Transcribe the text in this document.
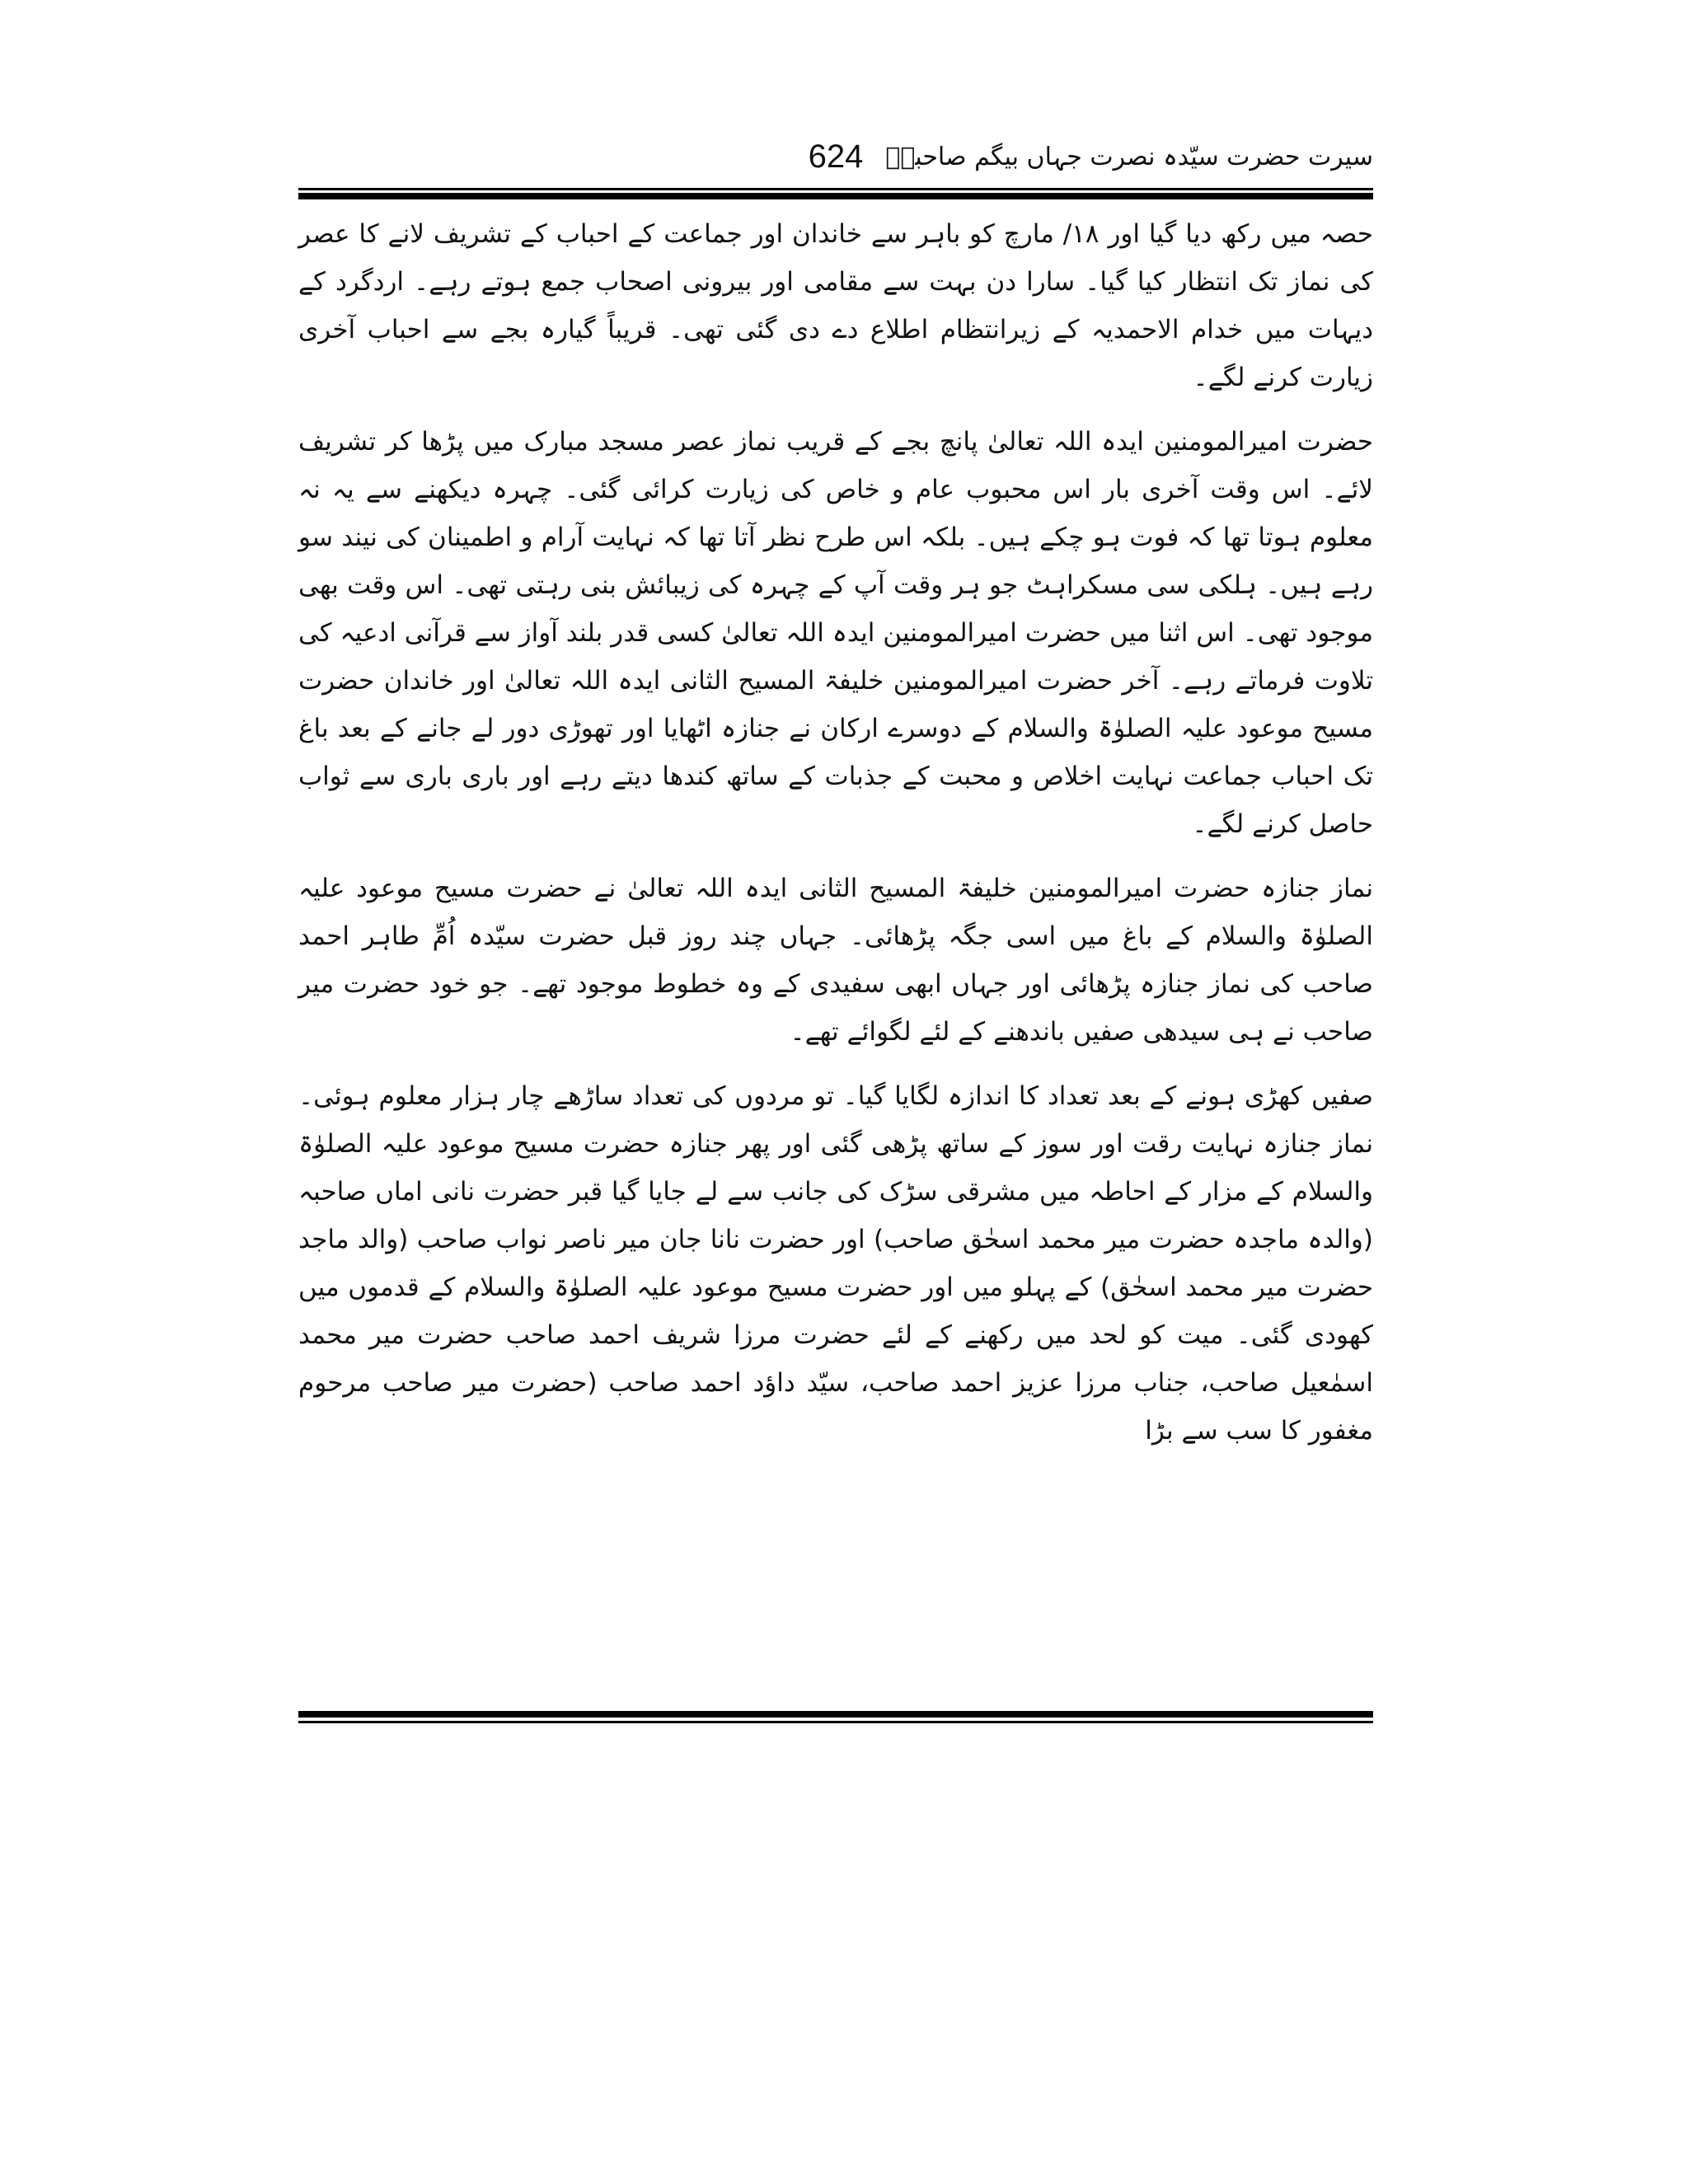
سیرت حضرت سیّدہ نصرت جہاں بیگم صاحبہؓ
624

حصہ میں رکھ دیا گیا اور ۱۸/ مارچ کو باہر سے خاندان اور جماعت کے احباب کے تشریف لانے کا عصر کی نماز تک انتظار کیا گیا۔ سارا دن بہت سے مقامی اور بیرونی اصحاب جمع ہوتے رہے۔ اردگرد کے دیہات میں خدام الاحمدیہ کے زیرانتظام اطلاع دے دی گئی تھی۔ قریباً گیارہ بجے سے احباب آخری زیارت کرنے لگے۔

حضرت امیرالمومنین ایدہ اللہ تعالیٰ پانچ بجے کے قریب نماز عصر مسجد مبارک میں پڑھا کر تشریف لائے۔ اس وقت آخری بار اس محبوب عام و خاص کی زیارت کرائی گئی۔ چہرہ دیکھنے سے یہ نہ معلوم ہوتا تھا کہ فوت ہو چکے ہیں۔ بلکہ اس طرح نظر آتا تھا کہ نہایت آرام و اطمینان کی نیند سو رہے ہیں۔ ہلکی سی مسکراہٹ جو ہر وقت آپ کے چہرہ کی زیبائش بنی رہتی تھی۔ اس وقت بھی موجود تھی۔ اس اثنا میں حضرت امیرالمومنین ایدہ اللہ تعالیٰ کسی قدر بلند آواز سے قرآنی ادعیہ کی تلاوت فرماتے رہے۔ آخر حضرت امیرالمومنین خلیفۃ المسیح الثانی ایدہ اللہ تعالیٰ اور خاندان حضرت مسیح موعود علیہ الصلوٰۃ والسلام کے دوسرے ارکان نے جنازہ اٹھایا اور تھوڑی دور لے جانے کے بعد باغ تک احباب جماعت نہایت اخلاص و محبت کے جذبات کے ساتھ کندھا دیتے رہے اور باری باری سے ثواب حاصل کرنے لگے۔

نماز جنازہ حضرت امیرالمومنین خلیفۃ المسیح الثانی ایدہ اللہ تعالیٰ نے حضرت مسیح موعود علیہ الصلوٰۃ والسلام کے باغ میں اسی جگہ پڑھائی۔ جہاں چند روز قبل حضرت سیّدہ اُمِّ طاہر احمد صاحب کی نماز جنازہ پڑھائی اور جہاں ابھی سفیدی کے وہ خطوط موجود تھے۔ جو خود حضرت میر صاحب نے ہی سیدھی صفیں باندھنے کے لئے لگوائے تھے۔

صفیں کھڑی ہونے کے بعد تعداد کا اندازہ لگایا گیا۔ تو مردوں کی تعداد ساڑھے چار ہزار معلوم ہوئی۔ نماز جنازہ نہایت رقت اور سوز کے ساتھ پڑھی گئی اور پھر جنازہ حضرت مسیح موعود علیہ الصلوٰۃ والسلام کے مزار کے احاطہ میں مشرقی سڑک کی جانب سے لے جایا گیا قبر حضرت نانی اماں صاحبہ (والدہ ماجدہ حضرت میر محمد اسحٰق صاحب) اور حضرت نانا جان میر ناصر نواب صاحب (والد ماجد حضرت میر محمد اسحٰق) کے پہلو میں اور حضرت مسیح موعود علیہ الصلوٰۃ والسلام کے قدموں میں کھودی گئی۔ میت کو لحد میں رکھنے کے لئے حضرت مرزا شریف احمد صاحب حضرت میر محمد اسمٰعیل صاحب، جناب مرزا عزیز احمد صاحب، سیّد داؤد احمد صاحب (حضرت میر صاحب مرحوم مغفور کا سب سے بڑا
